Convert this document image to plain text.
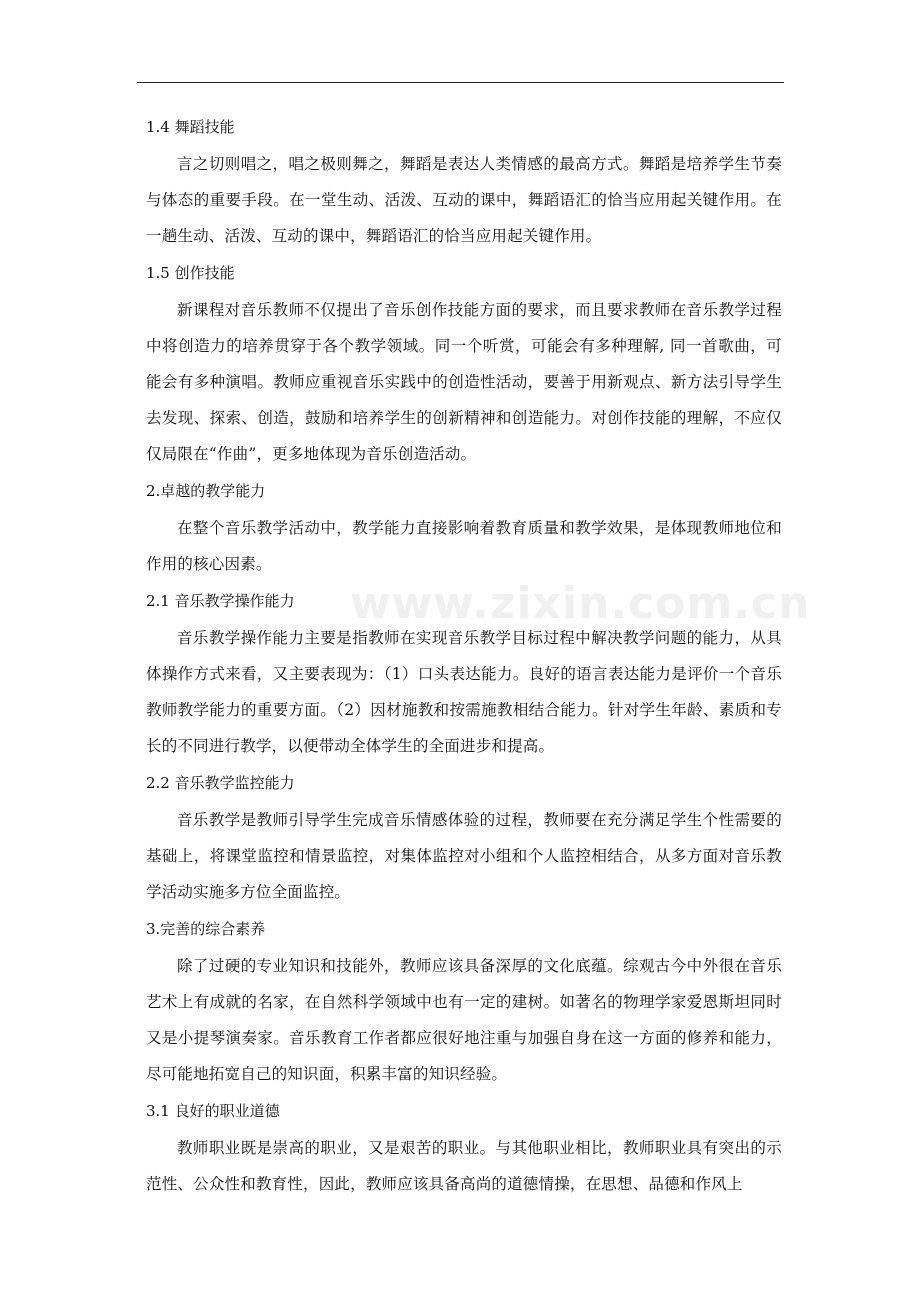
www.zixin.com.cn
1.4 舞蹈技能

言之切则唱之，唱之极则舞之，舞蹈是表达人类情感的最高方式。舞蹈是培养学生节奏与体态的重要手段。在一堂生动、活泼、互动的课中，舞蹈语汇的恰当应用起关键作用。在一趟生动、活泼、互动的课中，舞蹈语汇的恰当应用起关键作用。

1.5 创作技能

新课程对音乐教师不仅提出了音乐创作技能方面的要求，而且要求教师在音乐教学过程中将创造力的培养贯穿于各个教学领域。同一个听赏，可能会有多种理解, 同一首歌曲，可能会有多种演唱。教师应重视音乐实践中的创造性活动，要善于用新观点、新方法引导学生去发现、探索、创造，鼓励和培养学生的创新精神和创造能力。对创作技能的理解，不应仅仅局限在“作曲”，更多地体现为音乐创造活动。

2.卓越的教学能力

在整个音乐教学活动中，教学能力直接影响着教育质量和教学效果，是体现教师地位和作用的核心因素。

2.1 音乐教学操作能力

音乐教学操作能力主要是指教师在实现音乐教学目标过程中解决教学问题的能力，从具体操作方式来看，又主要表现为：（1）口头表达能力。良好的语言表达能力是评价一个音乐教师教学能力的重要方面。（2）因材施教和按需施教相结合能力。针对学生年龄、素质和专长的不同进行教学，以便带动全体学生的全面进步和提高。

2.2 音乐教学监控能力

音乐教学是教师引导学生完成音乐情感体验的过程，教师要在充分满足学生个性需要的基础上，将课堂监控和情景监控，对集体监控对小组和个人监控相结合，从多方面对音乐教学活动实施多方位全面监控。

3.完善的综合素养

除了过硬的专业知识和技能外，教师应该具备深厚的文化底蕴。综观古今中外很在音乐艺术上有成就的名家，在自然科学领域中也有一定的建树。如著名的物理学家爱恩斯坦同时又是小提琴演奏家。音乐教育工作者都应很好地注重与加强自身在这一方面的修养和能力，尽可能地拓宽自己的知识面，积累丰富的知识经验。

3.1 良好的职业道德

教师职业既是崇高的职业，又是艰苦的职业。与其他职业相比，教师职业具有突出的示范性、公众性和教育性，因此，教师应该具备高尚的道德情操，在思想、品德和作风上
